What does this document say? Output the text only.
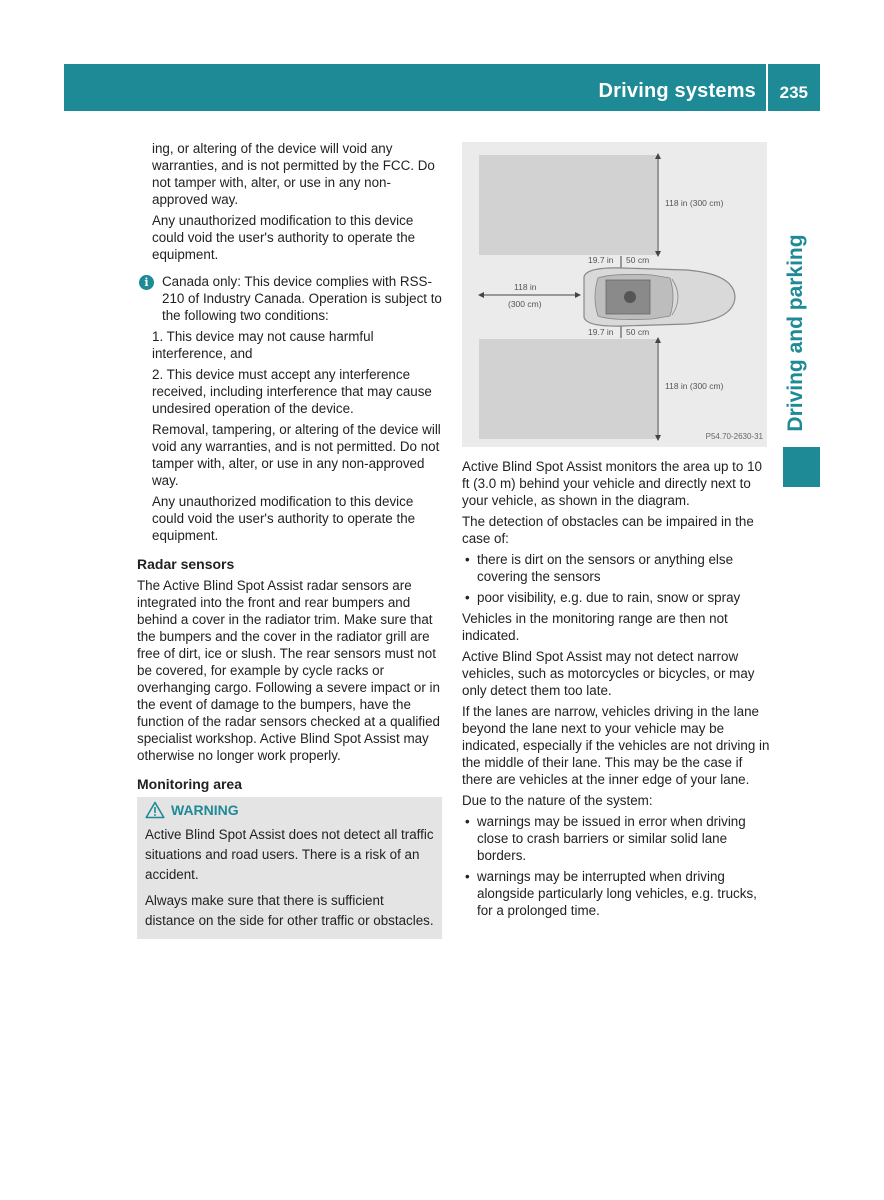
Driving systems 235
Driving and parking

ing, or altering of the device will void any warranties, and is not permitted by the FCC. Do not tamper with, alter, or use in any non-approved way.

Any unauthorized modification to this device could void the user's authority to operate the equipment.

i	Canada only: This device complies with RSS-210 of Industry Canada. Operation is subject to the following two conditions:

1. This device may not cause harmful interference, and

2. This device must accept any interference received, including interference that may cause undesired operation of the device.

Removal, tampering, or altering of the device will void any warranties, and is not permitted. Do not tamper with, alter, or use in any non-approved way.

Any unauthorized modification to this device could void the user's authority to operate the equipment.

Radar sensors

The Active Blind Spot Assist radar sensors are integrated into the front and rear bumpers and behind a cover in the radiator trim. Make sure that the bumpers and the cover in the radiator grill are free of dirt, ice or slush. The rear sensors must not be covered, for example by cycle racks or overhanging cargo. Following a severe impact or in the event of damage to the bumpers, have the function of the radar sensors checked at a qualified specialist workshop. Active Blind Spot Assist may otherwise no longer work properly.

Monitoring area
WARNING

Active Blind Spot Assist does not detect all traffic situations and road users. There is a risk of an accident.

Always make sure that there is sufficient distance on the side for other traffic or obstacles.

118 in (300 cm)
118 in (300 cm)
118 in
(300 cm)
19.7 in 50 cm
19.7 in 50 cm
P54.70-2630-31

Active Blind Spot Assist monitors the area up to 10 ft (3.0 m) behind your vehicle and directly next to your vehicle, as shown in the diagram.

The detection of obstacles can be impaired in the case of:

• there is dirt on the sensors or anything else covering the sensors
• poor visibility, e.g. due to rain, snow or spray

Vehicles in the monitoring range are then not indicated.

Active Blind Spot Assist may not detect narrow vehicles, such as motorcycles or bicycles, or may only detect them too late.

If the lanes are narrow, vehicles driving in the lane beyond the lane next to your vehicle may be indicated, especially if the vehicles are not driving in the middle of their lane. This may be the case if there are vehicles at the inner edge of your lane.

Due to the nature of the system:

• warnings may be issued in error when driving close to crash barriers or similar solid lane borders.
• warnings may be interrupted when driving alongside particularly long vehicles, e.g. trucks, for a prolonged time.
